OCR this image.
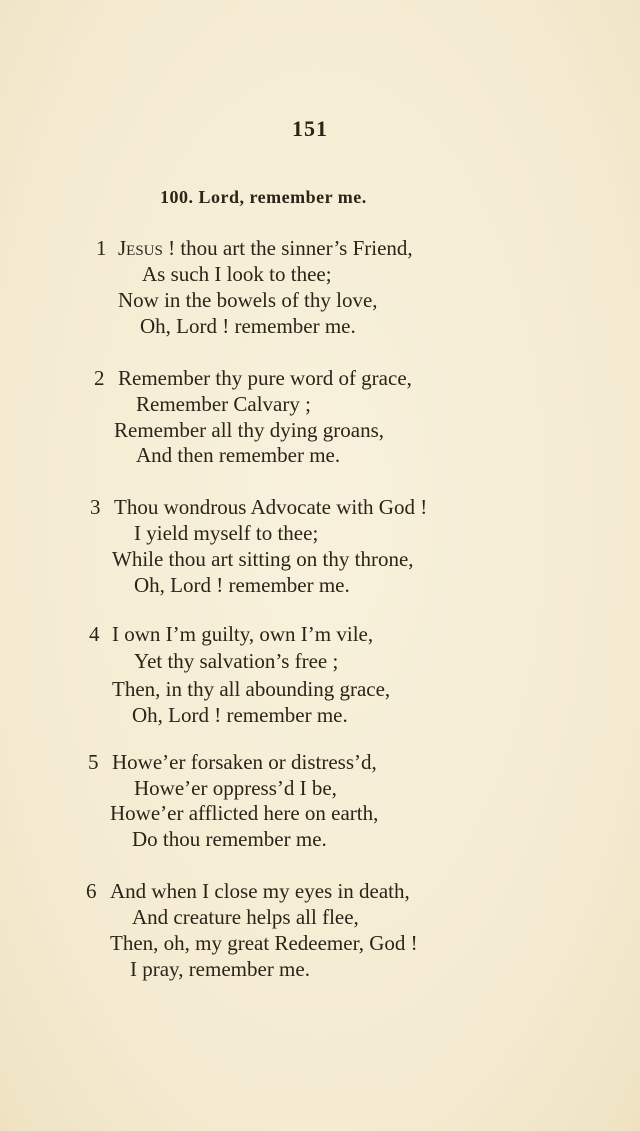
151
100. Lord, remember me.
1 Jesus ! thou art the sinner’s Friend,
As such I look to thee;
Now in the bowels of thy love,
Oh, Lord ! remember me.
2 Remember thy pure word of grace,
Remember Calvary ;
Remember all thy dying groans,
And then remember me.
3 Thou wondrous Advocate with God !
I yield myself to thee;
While thou art sitting on thy throne,
Oh, Lord ! remember me.
4 I own I’m guilty, own I’m vile,
Yet thy salvation’s free ;
Then, in thy all abounding grace,
Oh, Lord ! remember me.
5 Howe’er forsaken or distress’d,
Howe’er oppress’d I be,
Howe’er afflicted here on earth,
Do thou remember me.
6 And when I close my eyes in death,
And creature helps all flee,
Then, oh, my great Redeemer, God !
I pray, remember me.
